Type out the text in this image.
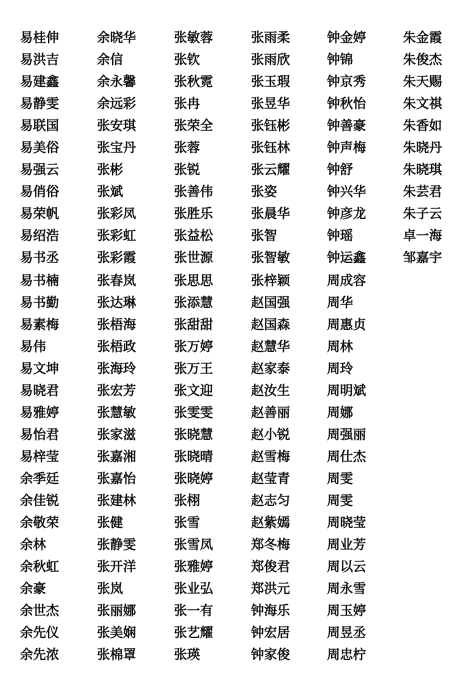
易桂伸
易洪吉
易建鑫
易静雯
易联国
易美俗
易强云
易俏俗
易荣帆
易绍浩
易书丞
易书楠
易书勤
易素梅
易伟
易文坤
易晓君
易雅婷
易怡君
易梓莹
余季廷
余佳锐
余敬荣
余林
余秋虹
余豪
余世杰
余先仪
余先浓
余晓华
余信
余永馨
余远彩
张安琪
张宝丹
张彬
张斌
张彩凤
张彩虹
张彩霞
张春岚
张达琳
张梧海
张梧政
张海玲
张宏芳
张慧敏
张家滋
张嘉湘
张嘉怡
张建林
张健
张静雯
张开洋
张岚
张丽娜
张美娴
张棉罩
张敏蓉
张钦
张秋霓
张冉
张荣全
张蓉
张锐
张善伟
张胜乐
张益松
张世源
张思思
张添慧
张甜甜
张万婷
张万王
张文迎
张雯雯
张晓慧
张晓晴
张晓婷
张栩
张雪
张雪凤
张雅婷
张业弘
张一有
张艺耀
张瑛
张雨柔
张雨欣
张玉瑕
张昱华
张钰彬
张钰林
张云耀
张姿
张晨华
张智
张智敏
张梓颖
赵国强
赵国森
赵慧华
赵家泰
赵汝生
赵善丽
赵小锐
赵雪梅
赵莹青
赵志匀
赵紫嫣
郑冬梅
郑俊君
郑洪元
钟海乐
钟宏居
钟家俊
钟金婷
钟锦
钟京秀
钟秋怡
钟善豪
钟声梅
钟舒
钟兴华
钟彦龙
钟瑶
钟运鑫
周成容
周华
周惠贞
周林
周玲
周明斌
周娜
周强丽
周仕杰
周雯
周雯
周晓莹
周业芳
周以云
周永雪
周玉婷
周昱丞
周忠柠
朱金霞
朱俊杰
朱天赐
朱文祺
朱香如
朱晓丹
朱晓琪
朱芸君
朱子云
卓一海
邹嘉宇
